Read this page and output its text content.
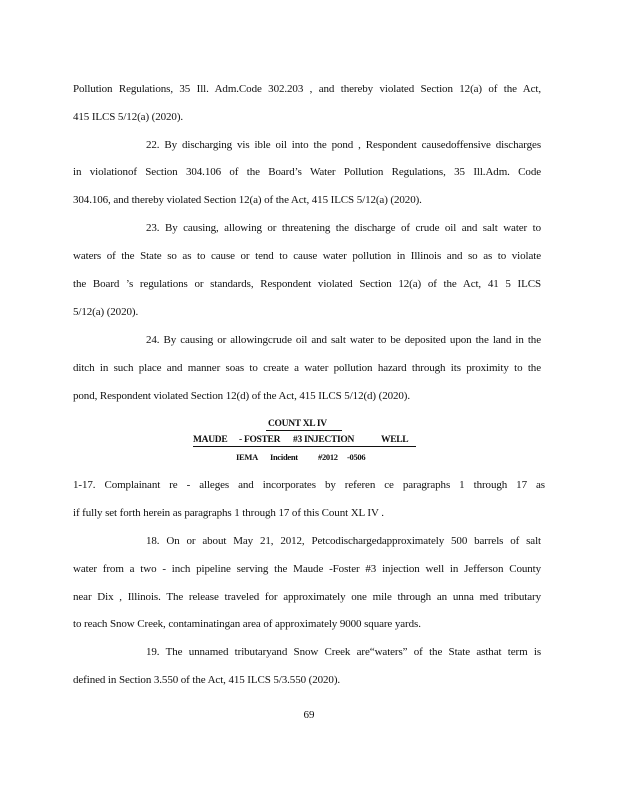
Pollution Regulations, 35 Ill. Adm.Code 302.203 , and thereby violated Section 12(a) of the Act,
415 ILCS 5/12(a) (2020).
22. By discharging vis ible oil into the pond , Respondent causedoffensive discharges
in violationof Section 304.106 of the Board’s Water Pollution Regulations, 35 Ill.Adm. Code
304.106, and thereby violated Section 12(a) of the Act, 415 ILCS 5/12(a) (2020).
23. By causing, allowing or threatening the discharge of crude oil and salt water to
waters of the State so as to cause or tend to cause water pollution in Illinois and so as to violate
the Board ’s regulations or standards, Respondent violated Section 12(a) of the Act, 41 5 ILCS
5/12(a) (2020).
24. By causing or allowingcrude oil and salt water to be deposited upon the land in the
ditch in such place and manner soas to create a water pollution hazard through its proximity to the
pond, Respondent violated Section 12(d) of the Act, 415 ILCS 5/12(d) (2020).
COUNT XL IV
MAUDE - FOSTER #3 INJECTION	WELL
IEMA Incident #2012 -0506
1-17. Complainant re - alleges and incorporates by referen ce paragraphs 1 through 17 as
if fully set forth herein as paragraphs 1 through 17 of this Count XL IV .
18. On or about May 21, 2012, Petcodischargedapproximately 500 barrels of salt
water from a two - inch pipeline serving the Maude -Foster #3 injection well in Jefferson County
near Dix , Illinois. The release traveled for approximately one mile through an unna med tributary
to reach Snow Creek, contaminatingan area of approximately 9000 square yards.
19. The unnamed tributaryand Snow Creek are“waters” of the State asthat term is
defined in Section 3.550 of the Act, 415 ILCS 5/3.550 (2020).
69
